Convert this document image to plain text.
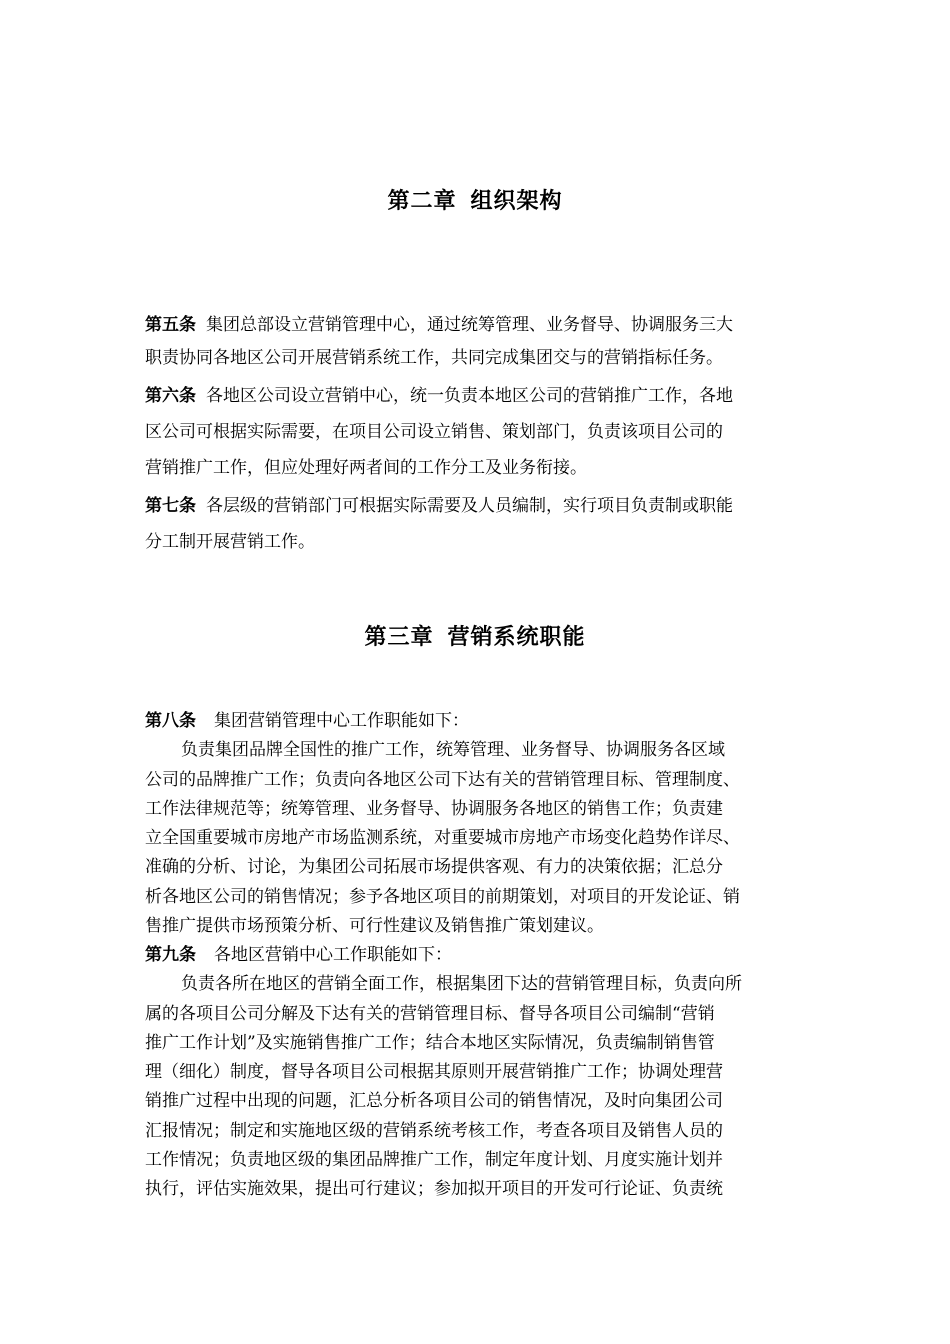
第二章 组织架构
第五条 集团总部设立营销管理中心，通过统筹管理、业务督导、协调服务三大
职责协同各地区公司开展营销系统工作，共同完成集团交与的营销指标任务。
第六条 各地区公司设立营销中心，统一负责本地区公司的营销推广工作，各地
区公司可根据实际需要，在项目公司设立销售、策划部门，负责该项目公司的
营销推广工作，但应处理好两者间的工作分工及业务衔接。
第七条 各层级的营销部门可根据实际需要及人员编制，实行项目负责制或职能
分工制开展营销工作。
第三章 营销系统职能
第八条 集团营销管理中心工作职能如下：
负责集团品牌全国性的推广工作，统筹管理、业务督导、协调服务各区域
公司的品牌推广工作；负责向各地区公司下达有关的营销管理目标、管理制度、
工作法律规范等；统筹管理、业务督导、协调服务各地区的销售工作；负责建
立全国重要城市房地产市场监测系统，对重要城市房地产市场变化趋势作详尽、
准确的分析、讨论，为集团公司拓展市场提供客观、有力的决策依据；汇总分
析各地区公司的销售情况；参予各地区项目的前期策划，对项目的开发论证、销
售推广提供市场预策分析、可行性建议及销售推广策划建议。
第九条 各地区营销中心工作职能如下：
负责各所在地区的营销全面工作，根据集团下达的营销管理目标，负责向所
属的各项目公司分解及下达有关的营销管理目标、督导各项目公司编制“营销
推广工作计划”及实施销售推广工作；结合本地区实际情况，负责编制销售管
理（细化）制度，督导各项目公司根据其原则开展营销推广工作；协调处理营
销推广过程中出现的问题，汇总分析各项目公司的销售情况，及时向集团公司
汇报情况；制定和实施地区级的营销系统考核工作，考查各项目及销售人员的
工作情况；负责地区级的集团品牌推广工作，制定年度计划、月度实施计划并
执行，评估实施效果，提出可行建议；参加拟开项目的开发可行论证、负责统
